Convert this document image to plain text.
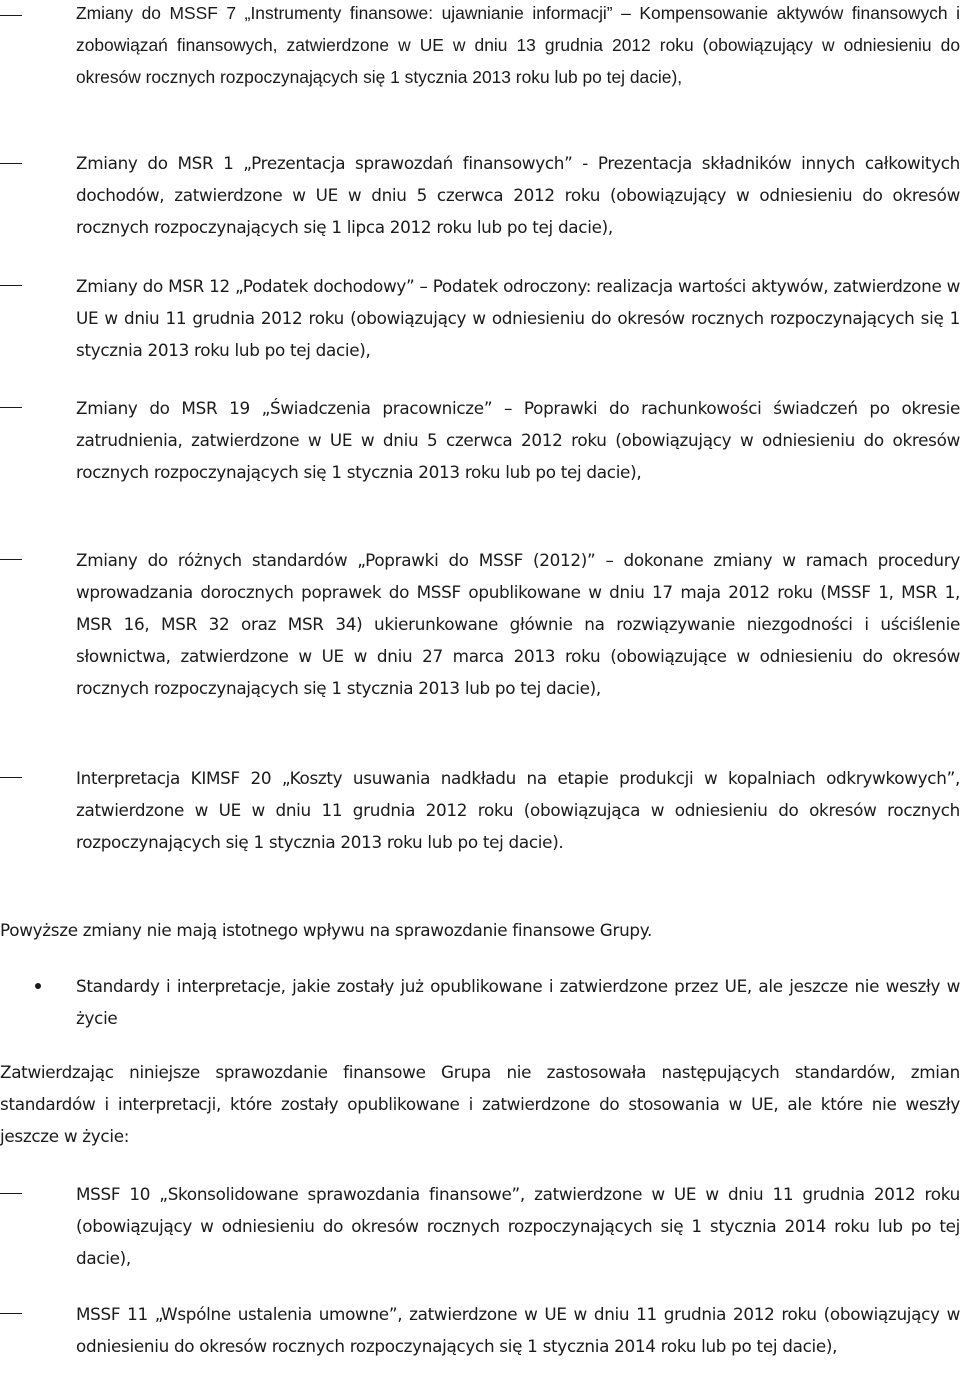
Zmiany do MSSF 7 „Instrumenty finansowe: ujawnianie informacji” – Kompensowanie aktywów finansowych i zobowiązań finansowych, zatwierdzone w UE w dniu 13 grudnia 2012 roku (obowiązujący w odniesieniu do okresów rocznych rozpoczynających się 1 stycznia 2013 roku lub po tej dacie),

Zmiany do MSR 1 „Prezentacja sprawozdań finansowych” - Prezentacja składników innych całkowitych dochodów, zatwierdzone w UE w dniu 5 czerwca 2012 roku (obowiązujący w odniesieniu do okresów rocznych rozpoczynających się 1 lipca 2012 roku lub po tej dacie),

Zmiany do MSR 12 „Podatek dochodowy” – Podatek odroczony: realizacja wartości aktywów, zatwierdzone w UE w dniu 11 grudnia 2012 roku (obowiązujący w odniesieniu do okresów rocznych rozpoczynających się 1 stycznia 2013 roku lub po tej dacie),

Zmiany do MSR 19 „Świadczenia pracownicze” – Poprawki do rachunkowości świadczeń po okresie zatrudnienia, zatwierdzone w UE w dniu 5 czerwca 2012 roku (obowiązujący w odniesieniu do okresów rocznych rozpoczynających się 1 stycznia 2013 roku lub po tej dacie),

Zmiany do różnych standardów „Poprawki do MSSF (2012)” – dokonane zmiany w ramach procedury wprowadzania dorocznych poprawek do MSSF opublikowane w dniu 17 maja 2012 roku (MSSF 1, MSR 1, MSR 16, MSR 32 oraz MSR 34) ukierunkowane głównie na rozwiązywanie niezgodności i uściślenie słownictwa, zatwierdzone w UE w dniu 27 marca 2013 roku (obowiązujące w odniesieniu do okresów rocznych rozpoczynających się 1 stycznia 2013 lub po tej dacie),

Interpretacja KIMSF 20 „Koszty usuwania nadkładu na etapie produkcji w kopalniach odkrywkowych”, zatwierdzone w UE w dniu 11 grudnia 2012 roku (obowiązująca w odniesieniu do okresów rocznych rozpoczynających się 1 stycznia 2013 roku lub po tej dacie).

Powyższe zmiany nie mają istotnego wpływu na sprawozdanie finansowe Grupy.

Standardy i interpretacje, jakie zostały już opublikowane i zatwierdzone przez UE, ale jeszcze nie weszły w życie

Zatwierdzając niniejsze sprawozdanie finansowe Grupa nie zastosowała następujących standardów, zmian standardów i interpretacji, które zostały opublikowane i zatwierdzone do stosowania w UE, ale które nie weszły jeszcze w życie:

MSSF 10 „Skonsolidowane sprawozdania finansowe”, zatwierdzone w UE w dniu 11 grudnia 2012 roku (obowiązujący w odniesieniu do okresów rocznych rozpoczynających się 1 stycznia 2014 roku lub po tej dacie),

MSSF 11 „Wspólne ustalenia umowne”, zatwierdzone w UE w dniu 11 grudnia 2012 roku (obowiązujący w odniesieniu do okresów rocznych rozpoczynających się 1 stycznia 2014 roku lub po tej dacie),
